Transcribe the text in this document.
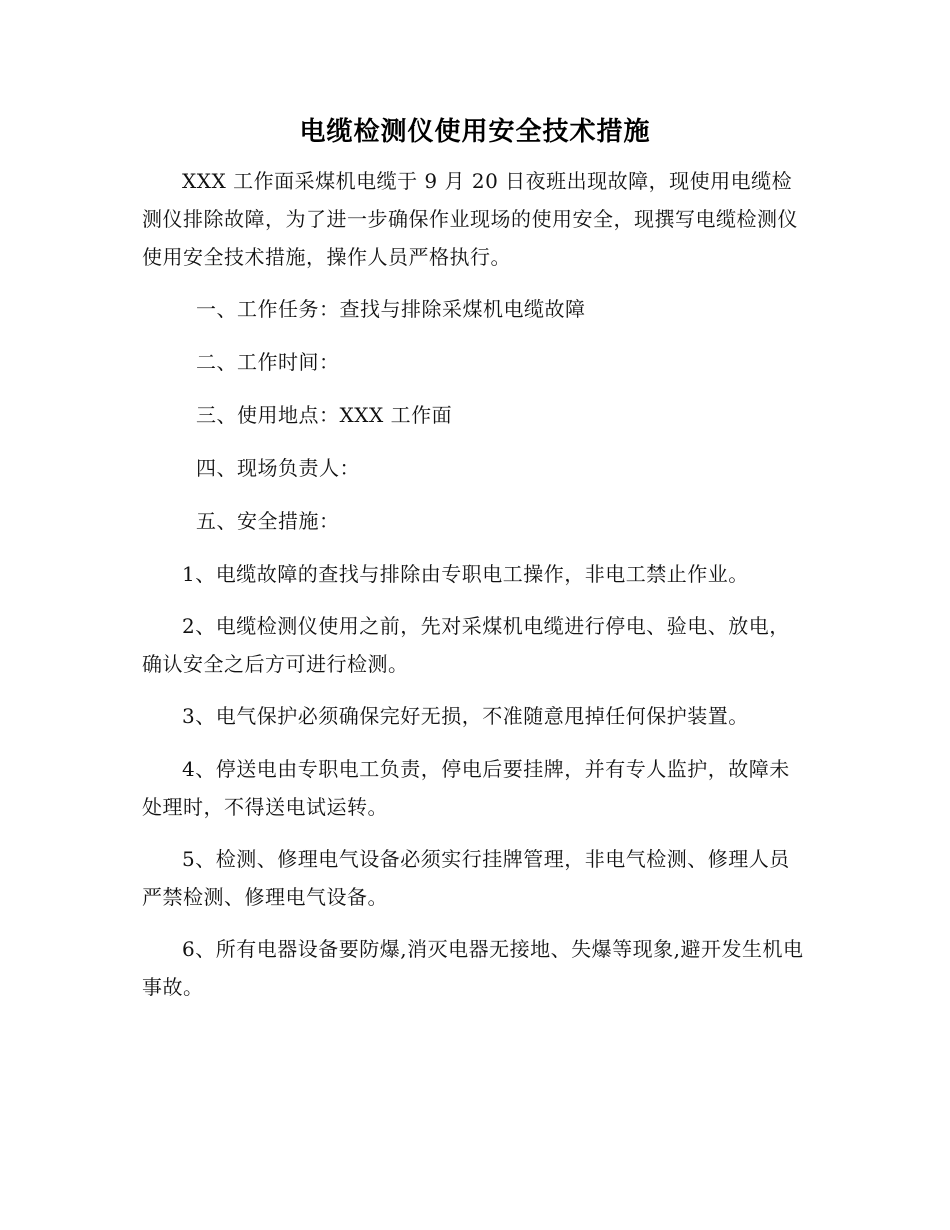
电缆检测仪使用安全技术措施

XXX 工作面采煤机电缆于 9 月 20 日夜班出现故障，现使用电缆检测仪排除故障，为了进一步确保作业现场的使用安全，现撰写电缆检测仪使用安全技术措施，操作人员严格执行。

一、工作任务：查找与排除采煤机电缆故障

二、工作时间：

三、使用地点：XXX 工作面

四、现场负责人：

五、安全措施：

1、电缆故障的查找与排除由专职电工操作，非电工禁止作业。

2、电缆检测仪使用之前，先对采煤机电缆进行停电、验电、放电，确认安全之后方可进行检测。

3、电气保护必须确保完好无损，不准随意甩掉任何保护装置。

4、停送电由专职电工负责，停电后要挂牌，并有专人监护，故障未处理时，不得送电试运转。

5、检测、修理电气设备必须实行挂牌管理，非电气检测、修理人员严禁检测、修理电气设备。

6、所有电器设备要防爆,消灭电器无接地、失爆等现象,避开发生机电事故。
